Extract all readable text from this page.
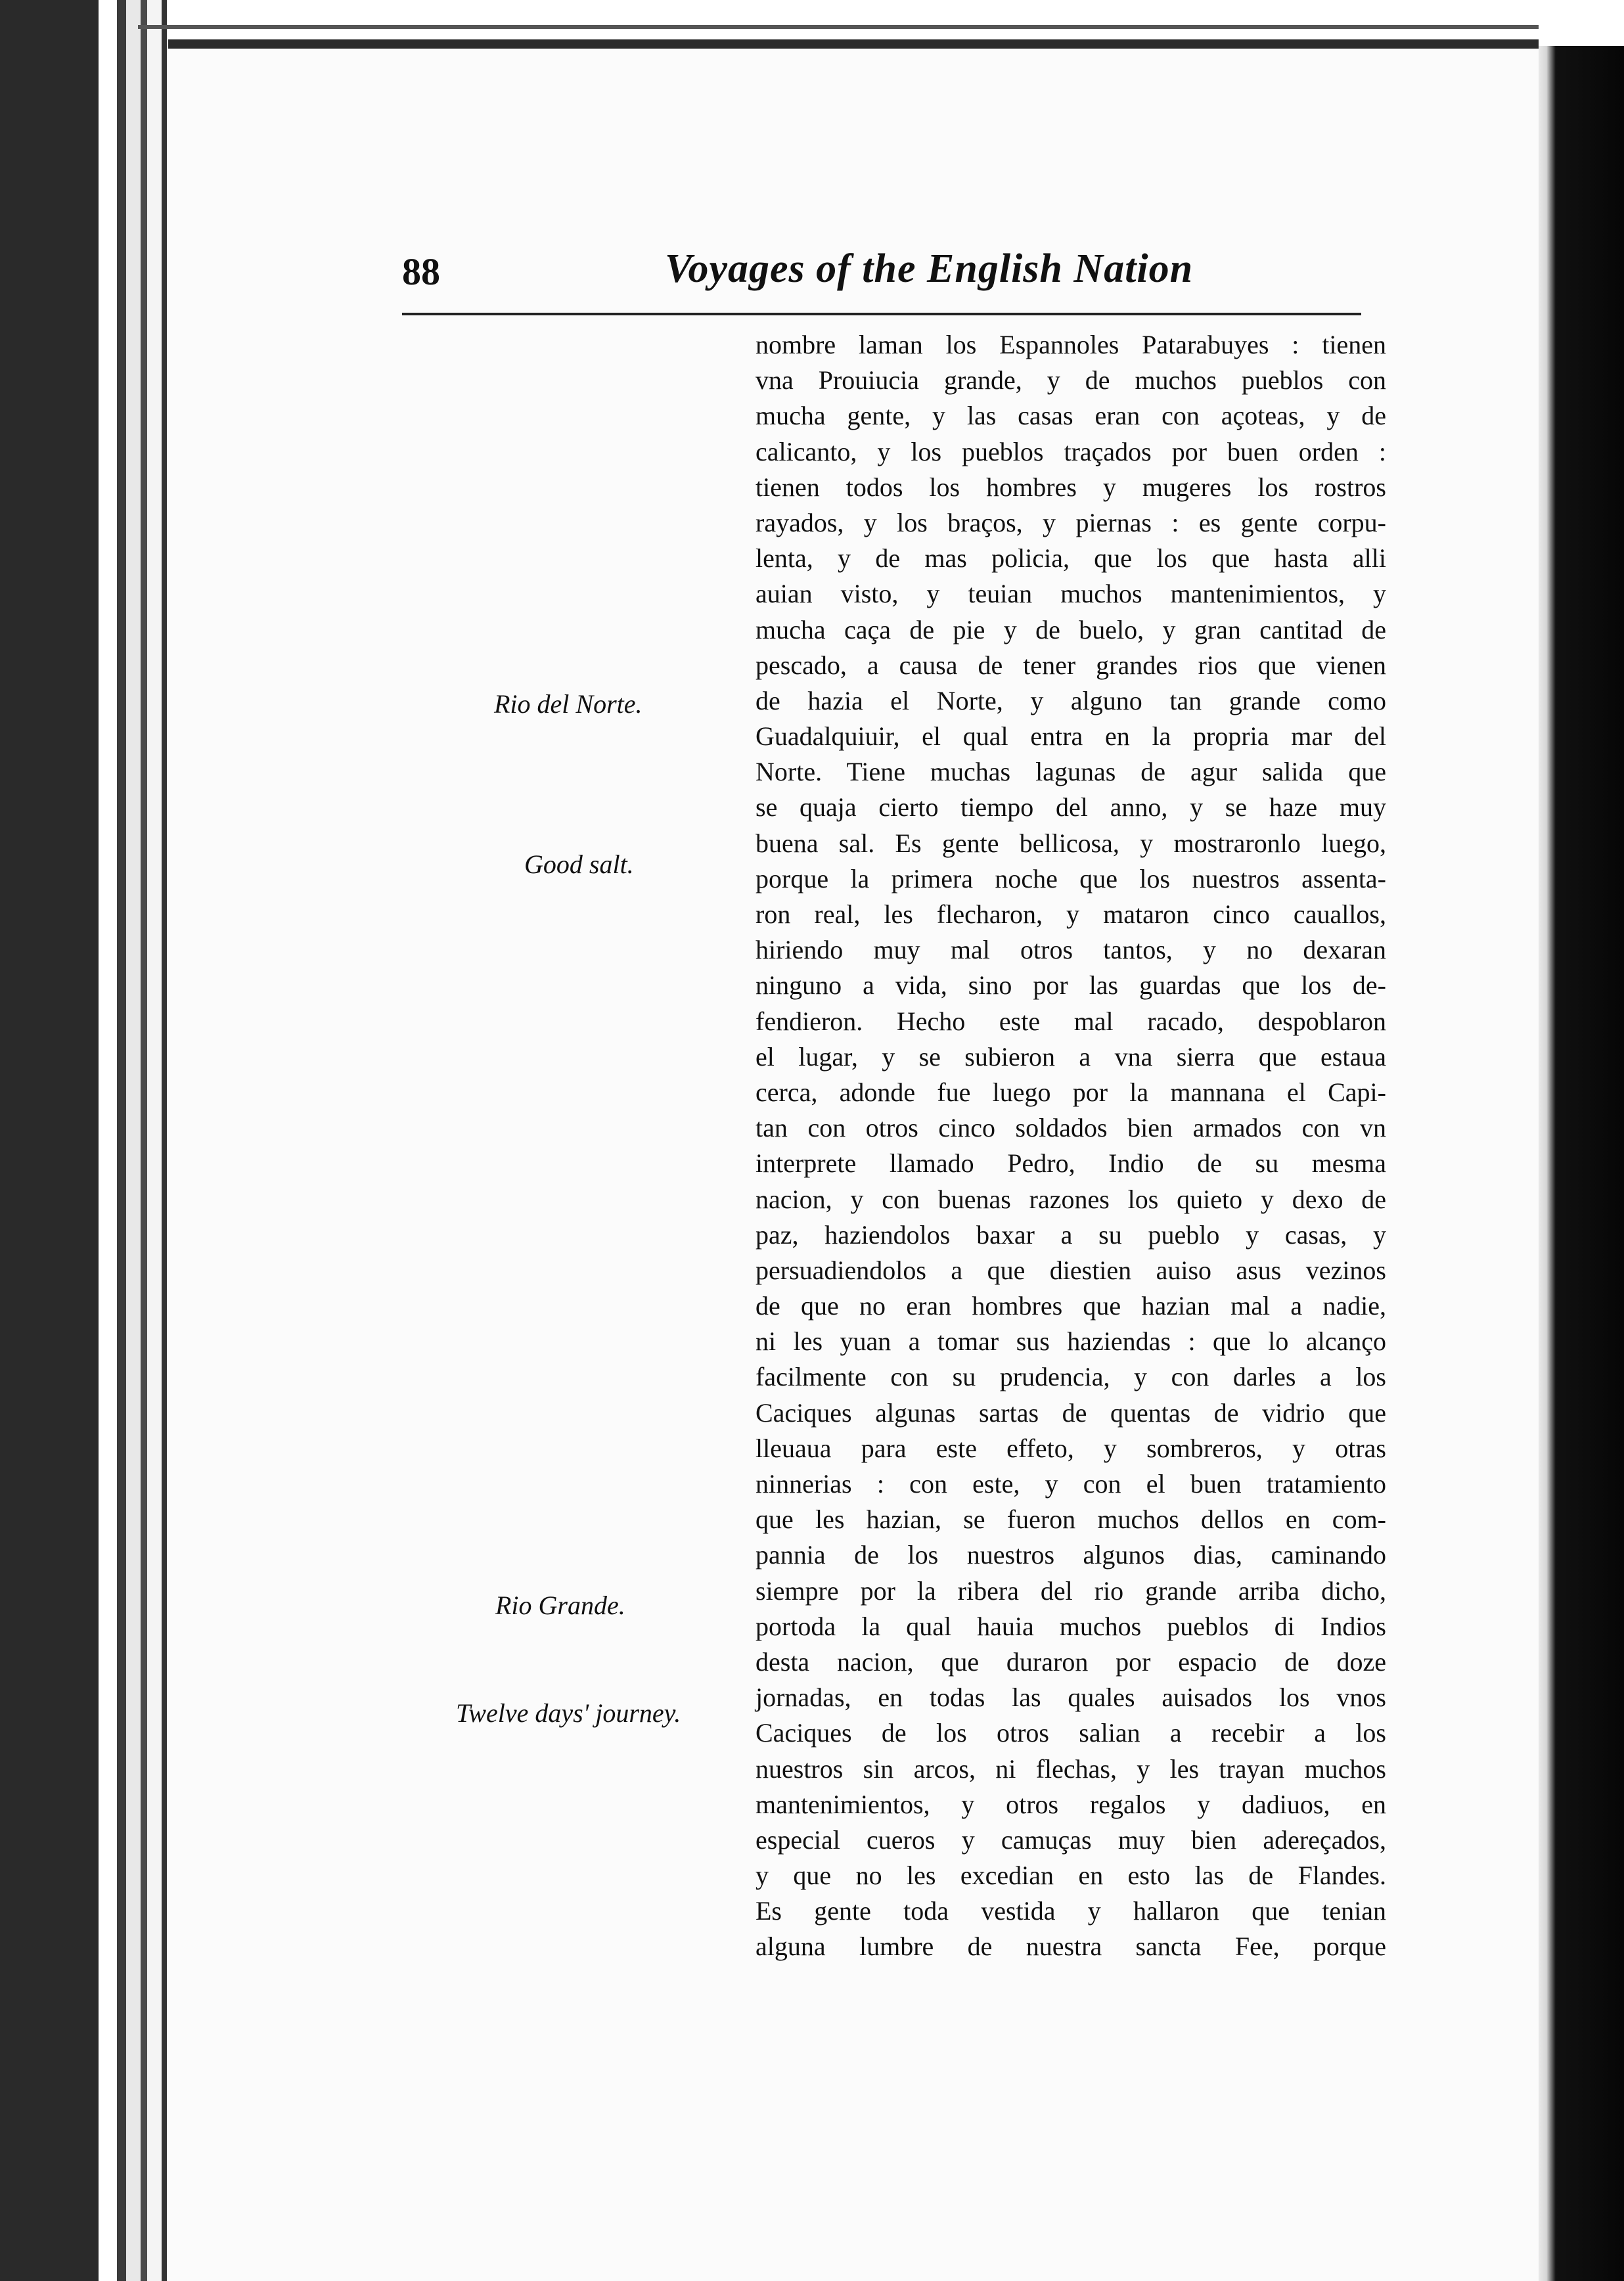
88	Voyages of the English Nation
Rio del Norte.
Good salt.
Rio Grande.
Twelve days' journey.
nombre laman los Espannoles Patarabuyes : tienen
vna Prouiucia grande, y de muchos pueblos con
mucha gente, y las casas eran con açoteas, y de
calicanto, y los pueblos traçados por buen orden :
tienen todos los hombres y mugeres los rostros
rayados, y los braços, y piernas : es gente corpu-
lenta, y de mas policia, que los que hasta alli
auian visto, y teuian muchos mantenimientos, y
mucha caça de pie y de buelo, y gran cantitad de
pescado, a causa de tener grandes rios que vienen
de hazia el Norte, y alguno tan grande como
Guadalquiuir, el qual entra en la propria mar del
Norte. Tiene muchas lagunas de agur salida que
se quaja cierto tiempo del anno, y se haze muy
buena sal. Es gente bellicosa, y mostraronlo luego,
porque la primera noche que los nuestros assenta-
ron real, les flecharon, y mataron cinco cauallos,
hiriendo muy mal otros tantos, y no dexaran
ninguno a vida, sino por las guardas que los de-
fendieron. Hecho este mal racado, despoblaron
el lugar, y se subieron a vna sierra que estaua
cerca, adonde fue luego por la mannana el Capi-
tan con otros cinco soldados bien armados con vn
interprete llamado Pedro, Indio de su mesma
nacion, y con buenas razones los quieto y dexo de
paz, haziendolos baxar a su pueblo y casas, y
persuadiendolos a que diestien auiso asus vezinos
de que no eran hombres que hazian mal a nadie,
ni les yuan a tomar sus haziendas : que lo alcanço
facilmente con su prudencia, y con darles a los
Caciques algunas sartas de quentas de vidrio que
lleuaua para este effeto, y sombreros, y otras
ninnerias : con este, y con el buen tratamiento
que les hazian, se fueron muchos dellos en com-
pannia de los nuestros algunos dias, caminando
siempre por la ribera del rio grande arriba dicho,
portoda la qual hauia muchos pueblos di Indios
desta nacion, que duraron por espacio de doze
jornadas, en todas las quales auisados los vnos
Caciques de los otros salian a recebir a los
nuestros sin arcos, ni flechas, y les trayan muchos
mantenimientos, y otros regalos y dadiuos, en
especial cueros y camuças muy bien adereçados,
y que no les excedian en esto las de Flandes.
Es gente toda vestida y hallaron que tenian
alguna lumbre de nuestra sancta Fee, porque
